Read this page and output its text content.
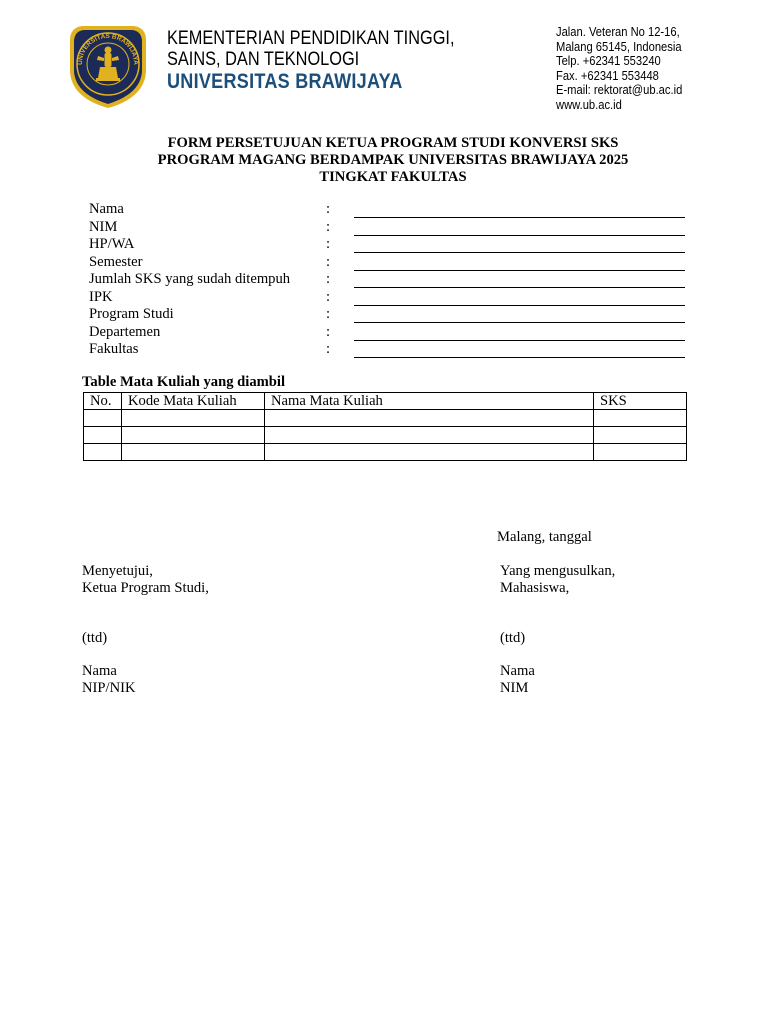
UNIVERSITAS BRAWIJAYA
KEMENTERIAN PENDIDIKAN TINGGI,
SAINS, DAN TEKNOLOGI
UNIVERSITAS BRAWIJAYA
Jalan. Veteran No 12-16,
Malang 65145, Indonesia
Telp. +62341 553240
Fax. +62341 553448
E-mail: rektorat@ub.ac.id
www.ub.ac.id
FORM PERSETUJUAN KETUA PROGRAM STUDI KONVERSI SKS
PROGRAM MAGANG BERDAMPAK UNIVERSITAS BRAWIJAYA 2025
TINGKAT FAKULTAS
Nama	:
NIM	:
HP/WA	:
Semester	:
Jumlah SKS yang sudah ditempuh :
IPK	:
Program Studi	:
Departemen	:
Fakultas	:
Table Mata Kuliah yang diambil
No.	Kode Mata Kuliah	Nama Mata Kuliah	SKS

Malang, tanggal
Menyetujui,
Ketua Program Studi,
(ttd)
Nama
NIP/NIK
Yang mengusulkan,
Mahasiswa,
(ttd)
Nama
NIM
